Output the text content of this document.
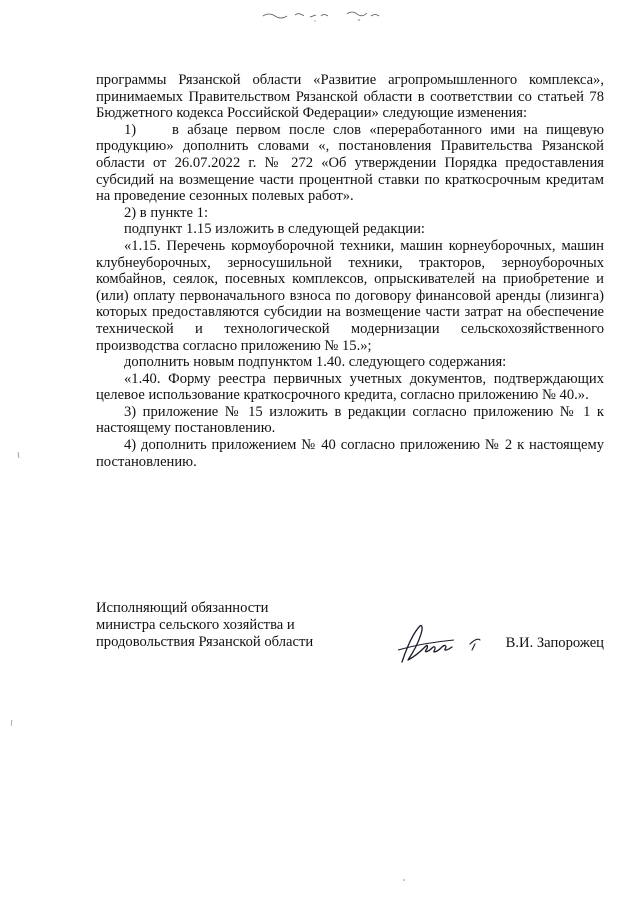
программы Рязанской области «Развитие агропромышленного комплекса», принимаемых Правительством Рязанской области в соответствии со статьей 78 Бюджетного кодекса Российской Федерации» следующие изменения:

1)	в абзаце первом после слов «переработанного ими на пищевую

продукцию» дополнить словами «, постановления Правительства Рязанской области от 26.07.2022 г. № 272 «Об утверждении Порядка предоставления субсидий на возмещение части процентной ставки по краткосрочным кредитам на проведение сезонных полевых работ».

2) в пункте 1:

подпункт 1.15 изложить в следующей редакции:

«1.15. Перечень кормоуборочной техники, машин корнеуборочных, машин клубнеуборочных, зерносушильной техники, тракторов, зерноуборочных комбайнов, сеялок, посевных комплексов, опрыскивателей на приобретение и (или) оплату первоначального взноса по договору финансовой аренды (лизинга) которых предоставляются субсидии на возмещение части затрат на обеспечение технической и технологической модернизации сельскохозяйственного производства согласно приложению № 15.»;

дополнить новым подпунктом 1.40. следующего содержания:

«1.40. Форму реестра первичных учетных документов, подтверждающих целевое использование краткосрочного кредита, согласно приложению № 40.».

3) приложение № 15 изложить в редакции согласно приложению № 1 к настоящему постановлению.

4) дополнить приложением № 40 согласно приложению № 2 к настоящему постановлению.

Исполняющий обязанности
министра сельского хозяйства и
продовольствия Рязанской области	В.И. Запорожец
